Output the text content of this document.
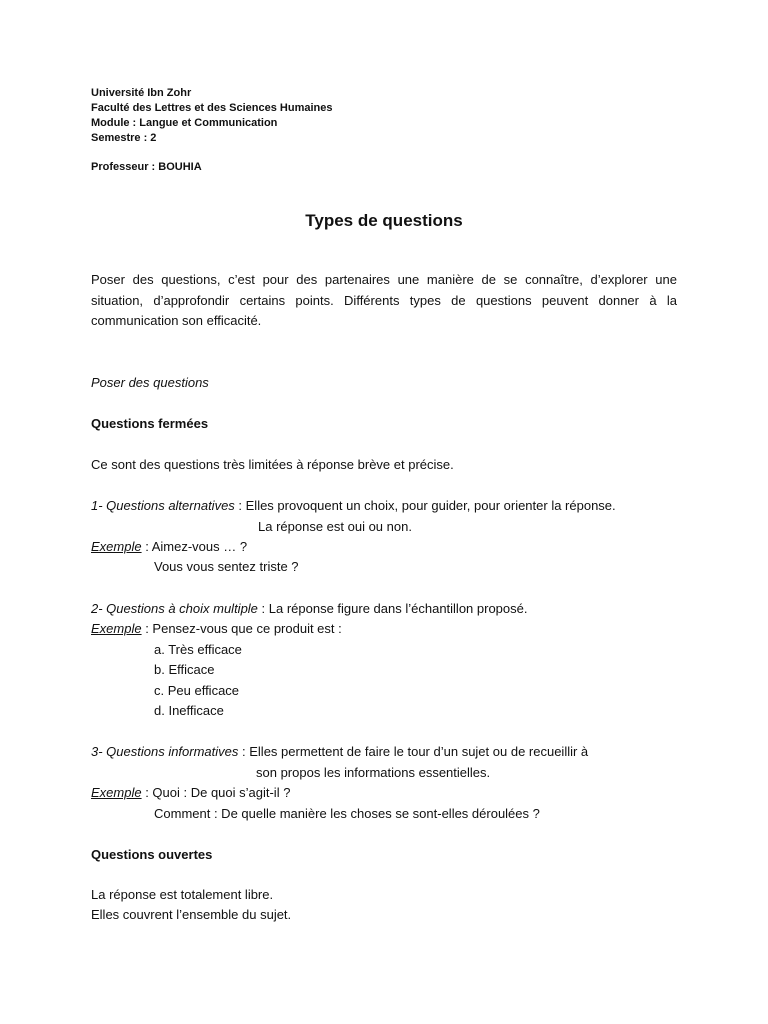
Université Ibn Zohr
Faculté des Lettres et des Sciences Humaines
Module : Langue et Communication
Semestre : 2
Professeur : BOUHIA
Types de questions
Poser des questions, c’est pour des partenaires une manière de se connaître, d’explorer une situation, d’approfondir certains points. Différents types de questions peuvent donner à la communication son efficacité.
Poser des questions
Questions fermées
Ce sont des questions très limitées à réponse brève et précise.
1- Questions alternatives : Elles provoquent un choix, pour guider, pour orienter la réponse.
La réponse est oui ou non.
Exemple : Aimez-vous … ?
Vous vous sentez triste ?
2- Questions à choix multiple : La réponse figure dans l’échantillon proposé.
Exemple : Pensez-vous que ce produit est :
a. Très efficace
b. Efficace
c. Peu efficace
d. Inefficace
3- Questions informatives : Elles permettent de faire le tour d’un sujet ou de recueillir à
son propos les informations essentielles.
Exemple : Quoi : De quoi s’agit-il ?
Comment : De quelle manière les choses se sont-elles déroulées ?
Questions ouvertes
La réponse est totalement libre.
Elles couvrent l’ensemble du sujet.
